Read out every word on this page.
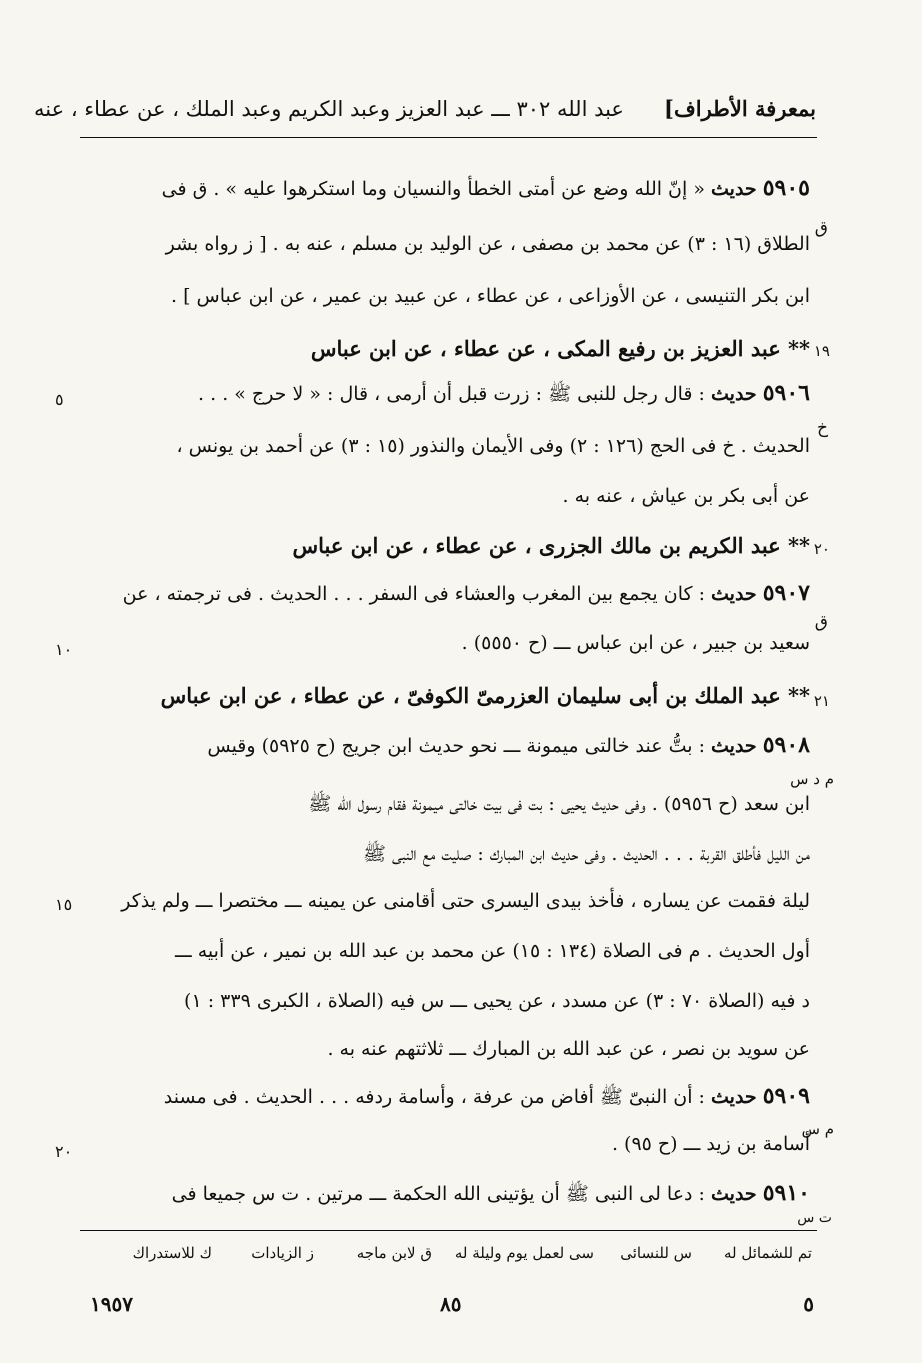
بمعرفة الأطراف]      عبد الله ٣٠٢ ـــ عبد العزيز وعبد الكريم وعبد الملك ، عن عطاء ، عنه
٥٩٠٥ حديث « إنّ الله وضع عن أمتى الخطأ والنسيان وما استكرهوا عليه » . ق فى
ق
الطلاق (١٦ : ٣) عن محمد بن مصفى ، عن الوليد بن مسلم ، عنه به . [ ز رواه بشر
ابن بكر التنيسى ، عن الأوزاعى ، عن عطاء ، عن عبيد بن عمير ، عن ابن عباس ] .
١٩
** عبد العزيز بن رفيع المكى ، عن عطاء ، عن ابن عباس
٥٩٠٦ حديث : قال رجل للنبى ﷺ : زرت قبل أن أرمى ، قال : « لا حرج » . . .
٥
خ
الحديث . خ فى الحج (١٢٦ : ٢) وفى الأيمان والنذور (١٥ : ٣) عن أحمد بن يونس ،
عن أبى بكر بن عياش ، عنه به .
٢٠
** عبد الكريم بن مالك الجزرى ، عن عطاء ، عن ابن عباس
٥٩٠٧ حديث : كان يجمع بين المغرب والعشاء فى السفر . . . الحديث . فى ترجمته ، عن
ق
١٠	سعيد بن جبير ، عن ابن عباس ـــ (ح ٥٥٥٠) .
٢١
** عبد الملك بن أبى سليمان العزرمىّ الكوفىّ ، عن عطاء ، عن ابن عباس
٥٩٠٨ حديث : بتُّ عند خالتى ميمونة ـــ نحو حديث ابن جريج (ح ٥٩٢٥) وقيس
م د س
ابن سعد (ح ٥٩٥٦) . وفى حديث يحيى : بت فى بيت خالتى ميمونة فقام رسول الله ﷺ
من الليل فأطلق القربة . . . الحديث . وفى حديث ابن المبارك : صليت مع النبى ﷺ
١٥	ليلة فقمت عن يساره ، فأخذ بيدى اليسرى حتى أقامنى عن يمينه ـــ مختصرا ـــ ولم يذكر
أول الحديث . م فى الصلاة (١٣٤ : ١٥) عن محمد بن عبد الله بن نمير ، عن أبيه ـــ
د فيه (الصلاة ٧٠ : ٣) عن مسدد ، عن يحيى ـــ س فيه (الصلاة ، الكبرى ٣٣٩ : ١)
عن سويد بن نصر ، عن عبد الله بن المبارك ـــ ثلاثتهم عنه به .
٥٩٠٩ حديث : أن النبىّ ﷺ أفاض من عرفة ، وأسامة ردفه . . . الحديث . فى مسند
م س
٢٠	أسامة بن زيد ـــ (ح ٩٥) .
٥٩١٠ حديث : دعا لى النبى ﷺ أن يؤتينى الله الحكمة ـــ مرتين . ت س جميعا فى
ت س
تم للشمائل له
س للنسائى
سى لعمل يوم وليلة له
ق لابن ماجه
ز الزيادات
ك للاستدراك
١٩٥٧	٨٥	٥
